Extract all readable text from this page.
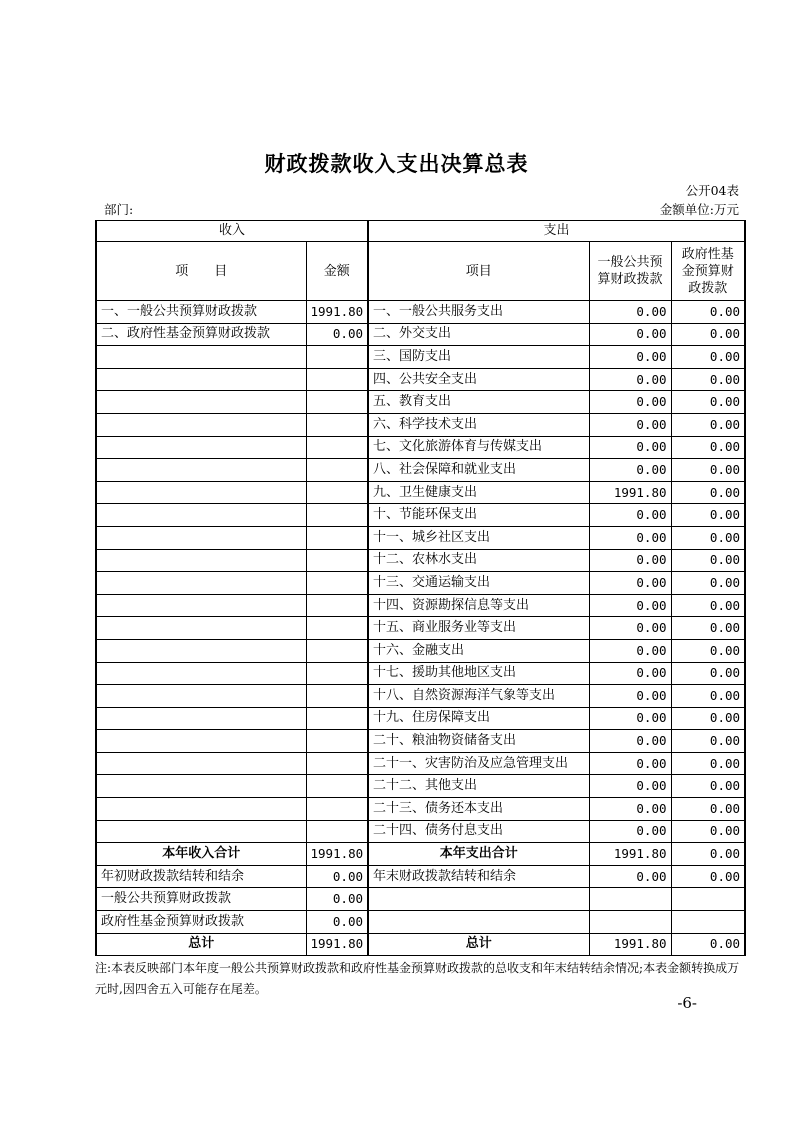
财政拨款收入支出决算总表
公开04表
部门:	金额单位:万元
收入		支出		
项　　目	金额	项目	一般公共预算财政拨款	政府性基金预算财政拨款
一、一般公共预算财政拨款	1991.80	一、一般公共服务支出	0.00	0.00
二、政府性基金预算财政拨款	0.00	二、外交支出	0.00	0.00
		三、国防支出	0.00	0.00
		四、公共安全支出	0.00	0.00
		五、教育支出	0.00	0.00
		六、科学技术支出	0.00	0.00
		七、文化旅游体育与传媒支出	0.00	0.00
		八、社会保障和就业支出	0.00	0.00
		九、卫生健康支出	1991.80	0.00
		十、节能环保支出	0.00	0.00
		十一、城乡社区支出	0.00	0.00
		十二、农林水支出	0.00	0.00
		十三、交通运输支出	0.00	0.00
		十四、资源勘探信息等支出	0.00	0.00
		十五、商业服务业等支出	0.00	0.00
		十六、金融支出	0.00	0.00
		十七、援助其他地区支出	0.00	0.00
		十八、自然资源海洋气象等支出	0.00	0.00
		十九、住房保障支出	0.00	0.00
		二十、粮油物资储备支出	0.00	0.00
		二十一、灾害防治及应急管理支出	0.00	0.00
		二十二、其他支出	0.00	0.00
		二十三、债务还本支出	0.00	0.00
		二十四、债务付息支出	0.00	0.00
本年收入合计	1991.80	本年支出合计	1991.80	0.00
年初财政拨款结转和结余	0.00	年末财政拨款结转和结余	0.00	0.00
一般公共预算财政拨款	0.00			
政府性基金预算财政拨款	0.00			
总计	1991.80	总计	1991.80	0.00
注:本表反映部门本年度一般公共预算财政拨款和政府性基金预算财政拨款的总收支和年末结转结余情况;本表金额转换成万元时,因四舍五入可能存在尾差。
-6-
